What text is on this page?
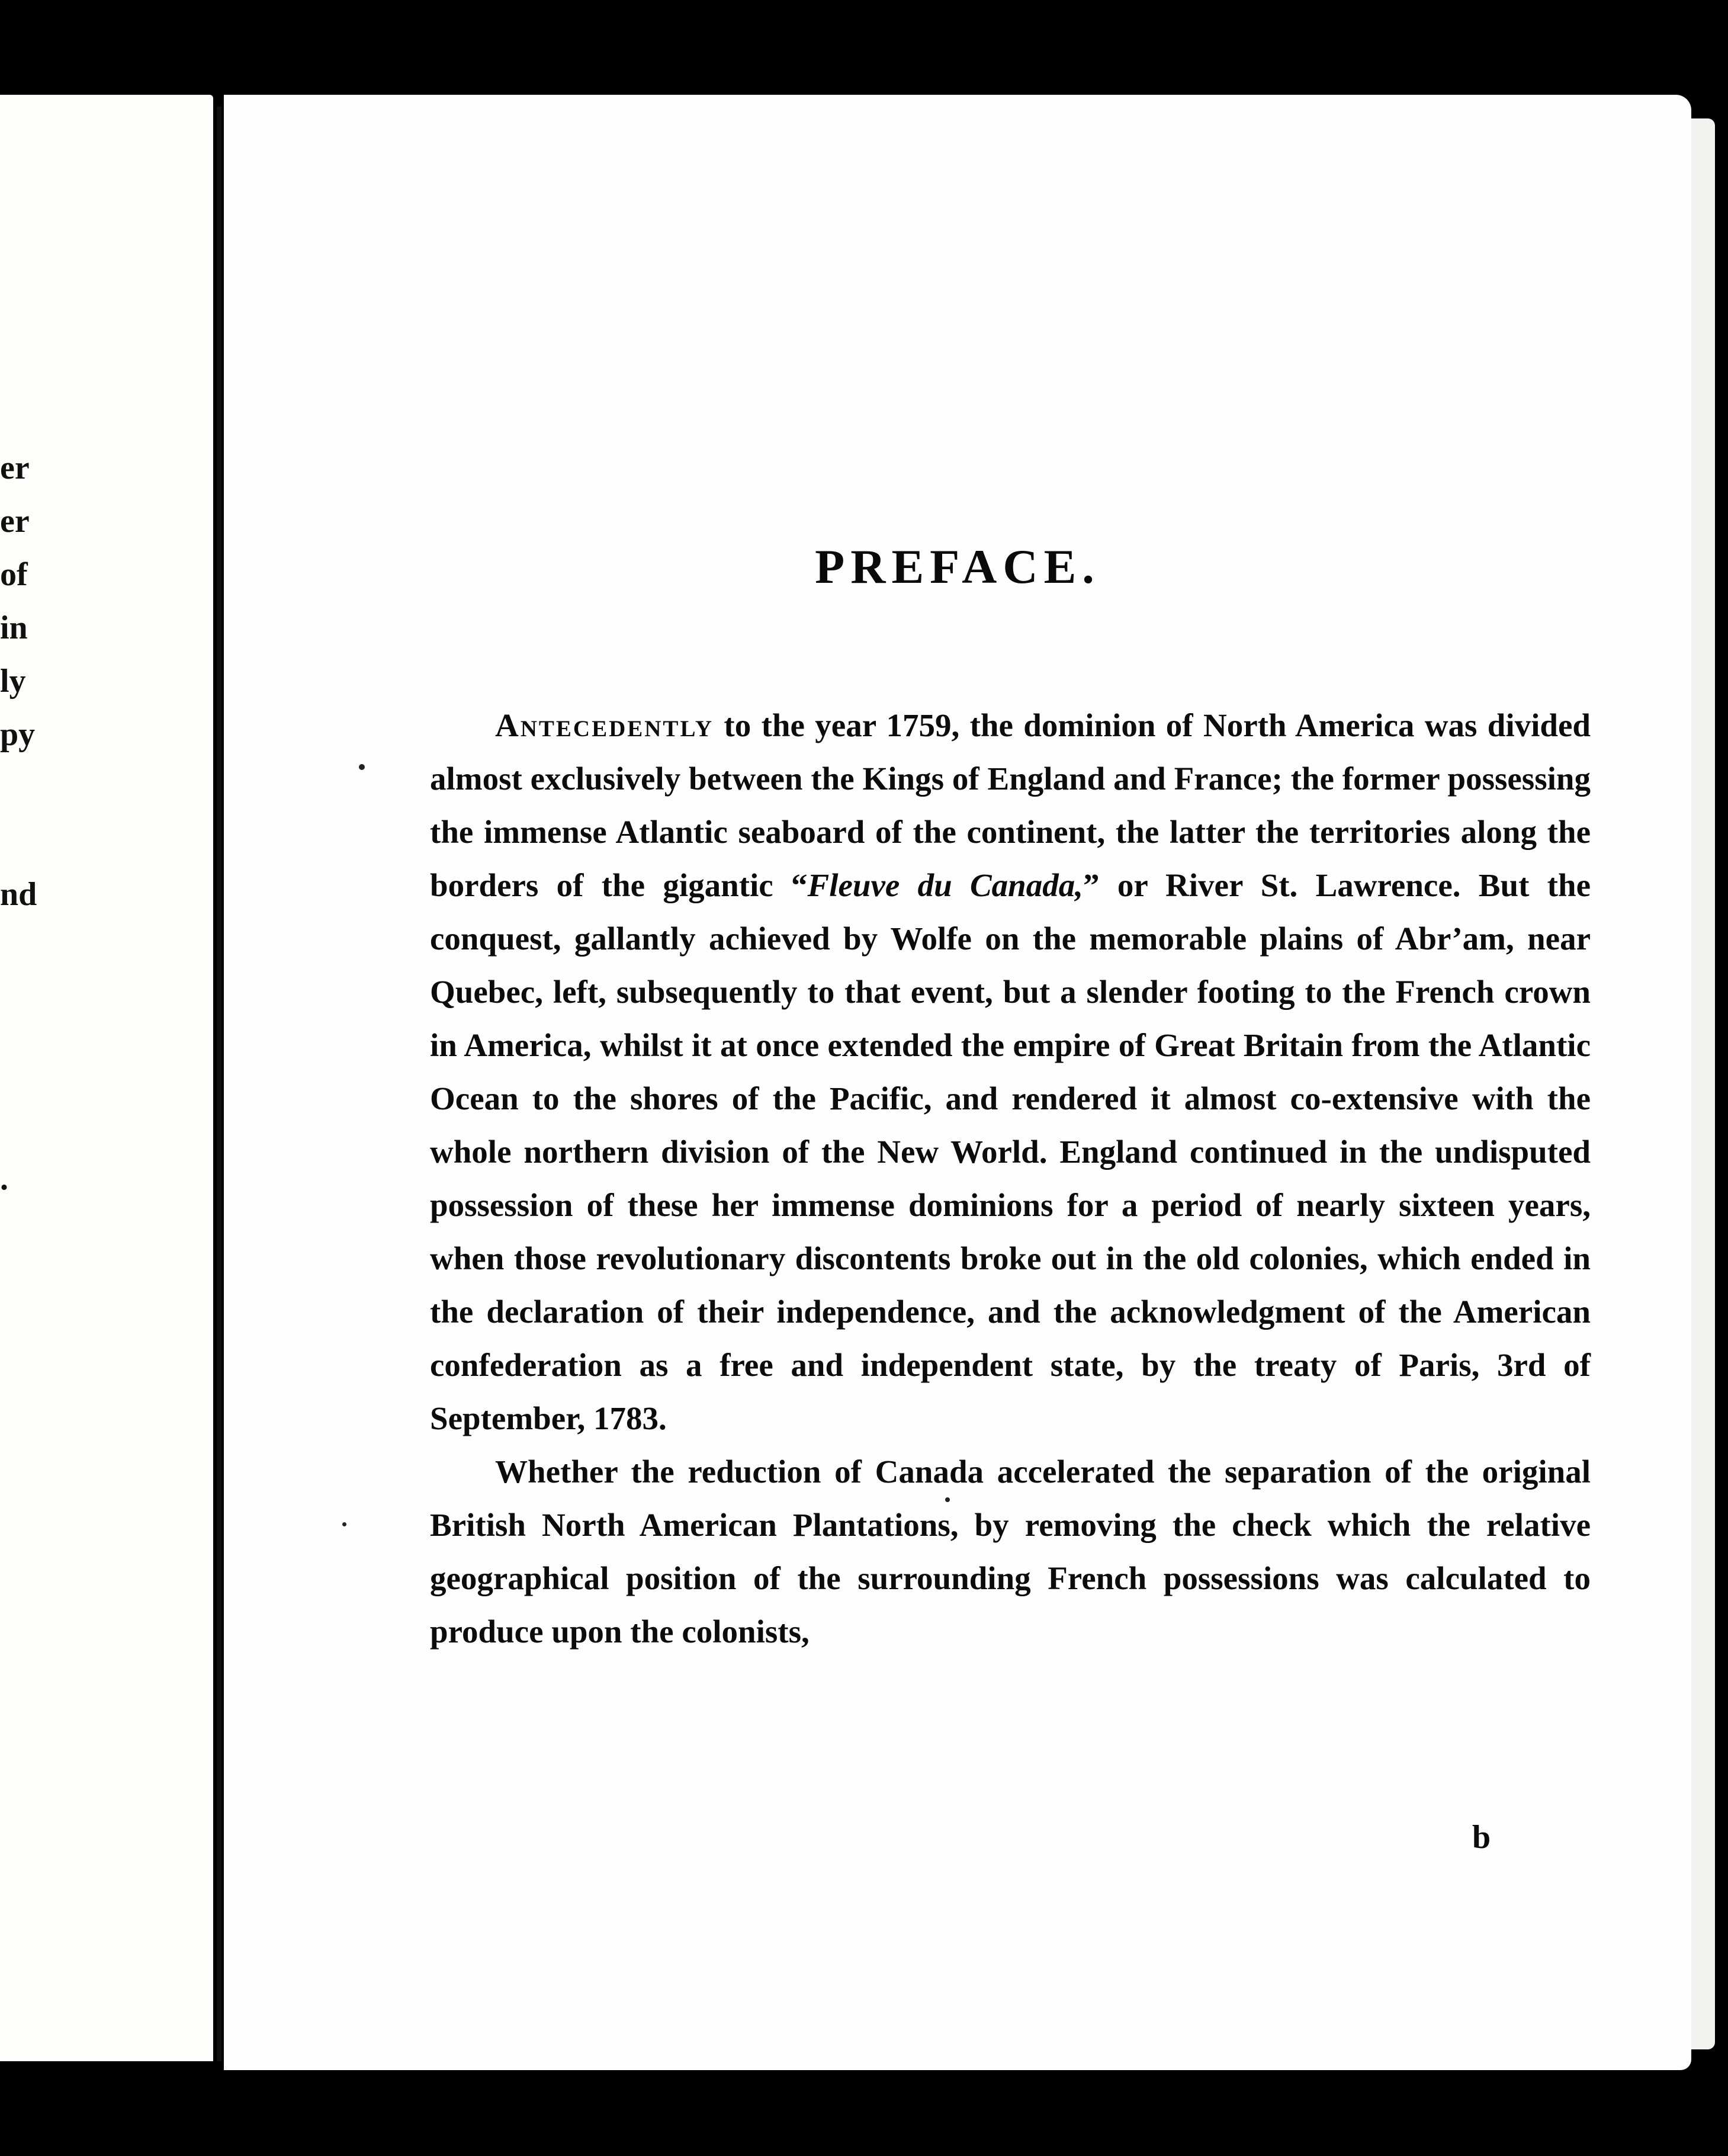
er
er
of
in
ly
py
nd
.
PREFACE.

Antecedently to the year 1759, the dominion of North America was divided almost exclusively between the Kings of England and France; the former possessing the immense Atlantic seaboard of the continent, the latter the territories along the borders of the gigantic “Fleuve du Canada,” or River St. Lawrence. But the conquest, gallantly achieved by Wolfe on the memorable plains of Abr’am, near Quebec, left, subsequently to that event, but a slender footing to the French crown in America, whilst it at once extended the empire of Great Britain from the Atlantic Ocean to the shores of the Pacific, and rendered it almost co-extensive with the whole northern division of the New World. England continued in the undisputed possession of these her immense dominions for a period of nearly sixteen years, when those revolutionary discontents broke out in the old colonies, which ended in the declaration of their independence, and the acknowledgment of the American confederation as a free and independent state, by the treaty of Paris, 3rd of September, 1783.

Whether the reduction of Canada accelerated the separation of the original British North American Plantations, by removing the check which the relative geographical position of the surrounding French possessions was calculated to produce upon the colonists,

b
